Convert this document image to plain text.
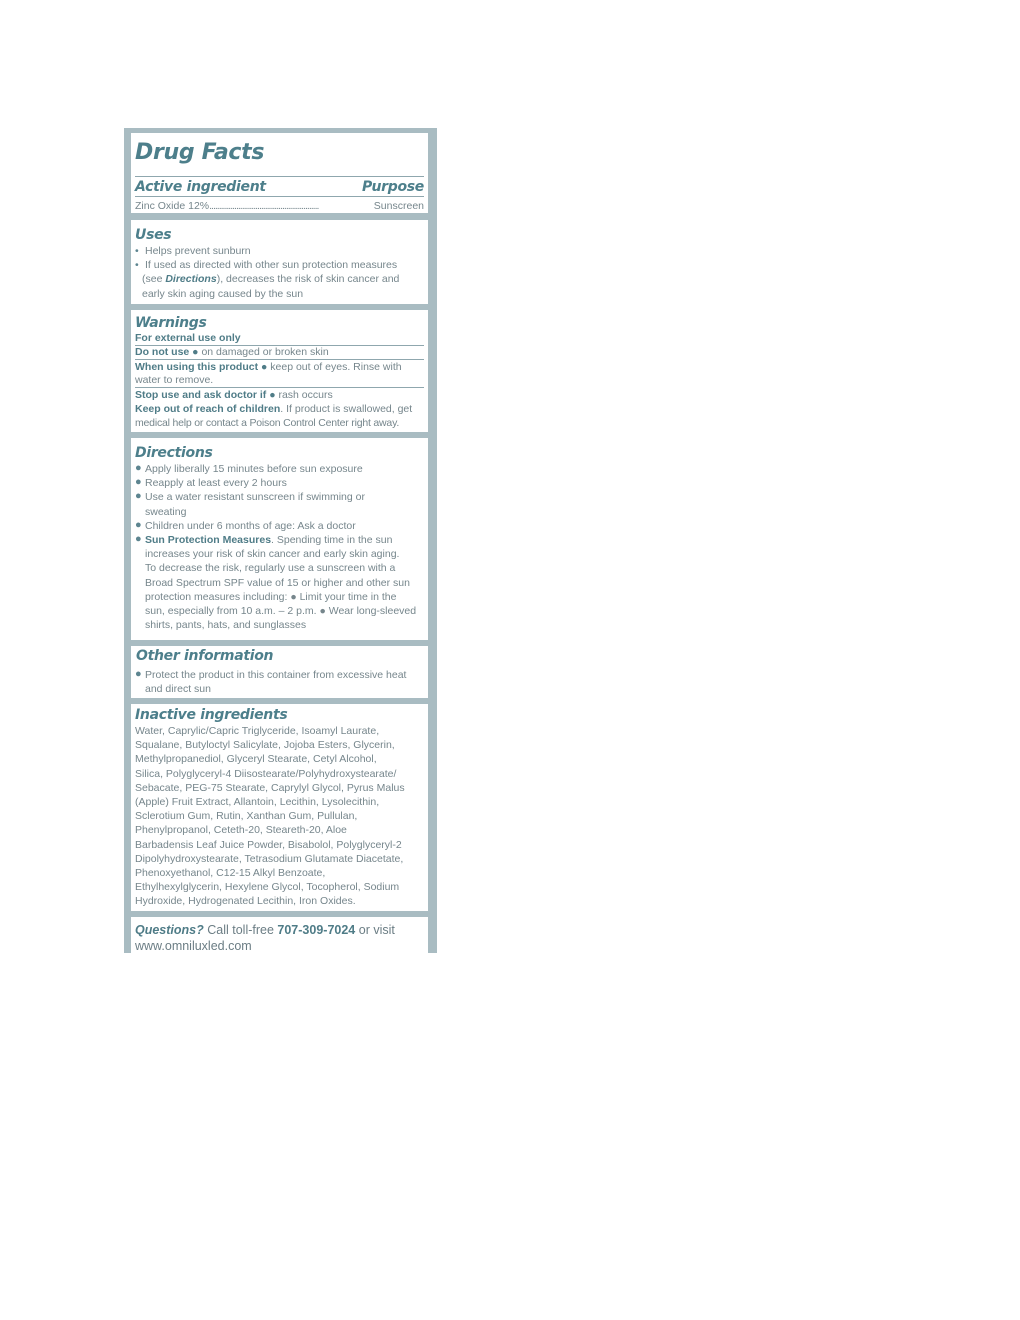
Drug Facts
Active ingredient	Purpose
Zinc Oxide 12% .........................................................	Sunscreen
Uses
• Helps prevent sunburn
• If used as directed with other sun protection measures
(see Directions), decreases the risk of skin cancer and
early skin aging caused by the sun
Warnings
For external use only
Do not use ● on damaged or broken skin
When using this product ● keep out of eyes. Rinse with
water to remove.
Stop use and ask doctor if ● rash occurs
Keep out of reach of children. If product is swallowed, get
medical help or contact a Poison Control Center right away.
Directions
● Apply liberally 15 minutes before sun exposure
● Reapply at least every 2 hours
● Use a water resistant sunscreen if swimming or
sweating
● Children under 6 months of age: Ask a doctor
● Sun Protection Measures. Spending time in the sun
increases your risk of skin cancer and early skin aging.
To decrease the risk, regularly use a sunscreen with a
Broad Spectrum SPF value of 15 or higher and other sun
protection measures including: ● Limit your time in the
sun, especially from 10 a.m. – 2 p.m. ● Wear long-sleeved
shirts, pants, hats, and sunglasses
Other information
● Protect the product in this container from excessive heat
and direct sun
Inactive ingredients
Water, Caprylic/Capric Triglyceride, Isoamyl Laurate,
Squalane, Butyloctyl Salicylate, Jojoba Esters, Glycerin,
Methylpropanediol, Glyceryl Stearate, Cetyl Alcohol,
Silica, Polyglyceryl-4 Diisostearate/Polyhydroxystearate/
Sebacate, PEG-75 Stearate, Caprylyl Glycol, Pyrus Malus
(Apple) Fruit Extract, Allantoin, Lecithin, Lysolecithin,
Sclerotium Gum, Rutin, Xanthan Gum, Pullulan,
Phenylpropanol, Ceteth-20, Steareth-20, Aloe
Barbadensis Leaf Juice Powder, Bisabolol, Polyglyceryl-2
Dipolyhydroxystearate, Tetrasodium Glutamate Diacetate,
Phenoxyethanol, C12-15 Alkyl Benzoate,
Ethylhexylglycerin, Hexylene Glycol, Tocopherol, Sodium
Hydroxide, Hydrogenated Lecithin, Iron Oxides.
Questions? Call toll-free 707-309-7024 or visit
www.omniluxled.com
